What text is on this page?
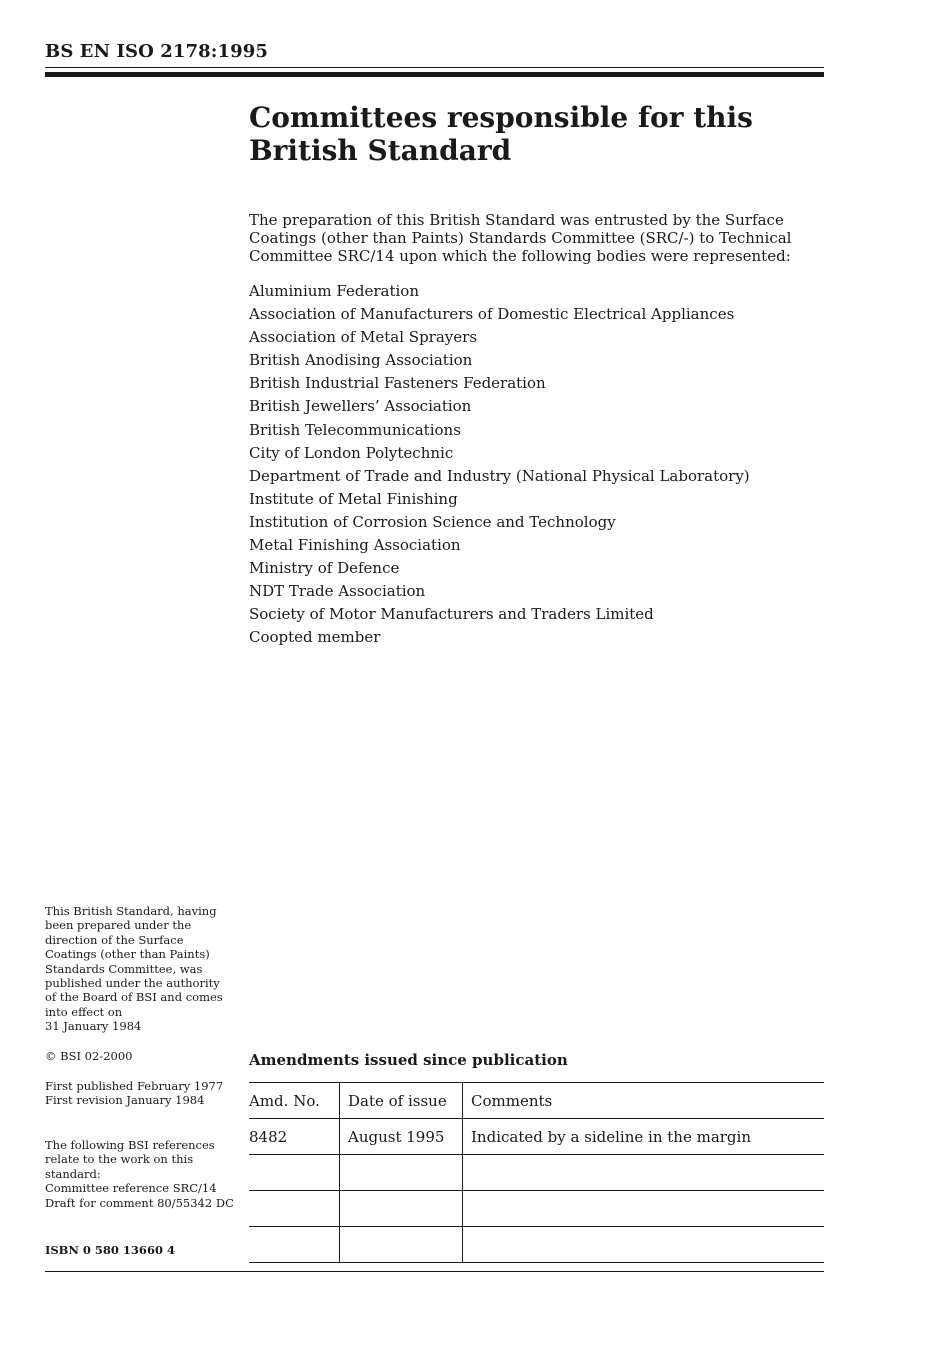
BS EN ISO 2178:1995
Committees responsible for this
British Standard
The preparation of this British Standard was entrusted by the Surface Coatings (other than Paints) Standards Committee (SRC/-) to Technical Committee SRC/14 upon which the following bodies were represented:
Aluminium Federation
Association of Manufacturers of Domestic Electrical Appliances
Association of Metal Sprayers
British Anodising Association
British Industrial Fasteners Federation
British Jewellers’ Association
British Telecommunications
City of London Polytechnic
Department of Trade and Industry (National Physical Laboratory)
Institute of Metal Finishing
Institution of Corrosion Science and Technology
Metal Finishing Association
Ministry of Defence
NDT Trade Association
Society of Motor Manufacturers and Traders Limited
Coopted member
This British Standard, having
been prepared under the
direction of the Surface
Coatings (other than Paints)
Standards Committee, was
published under the authority
of the Board of BSI and comes
into effect on
31 January 1984
© BSI 02-2000
First published February 1977
First revision January 1984
The following BSI references
relate to the work on this
standard:
Committee reference SRC/14
Draft for comment 80/55342 DC
ISBN 0 580 13660 4
Amendments issued since publication
Amd. No.	Date of issue	Comments
8482	August 1995	Indicated by a sideline in the margin
